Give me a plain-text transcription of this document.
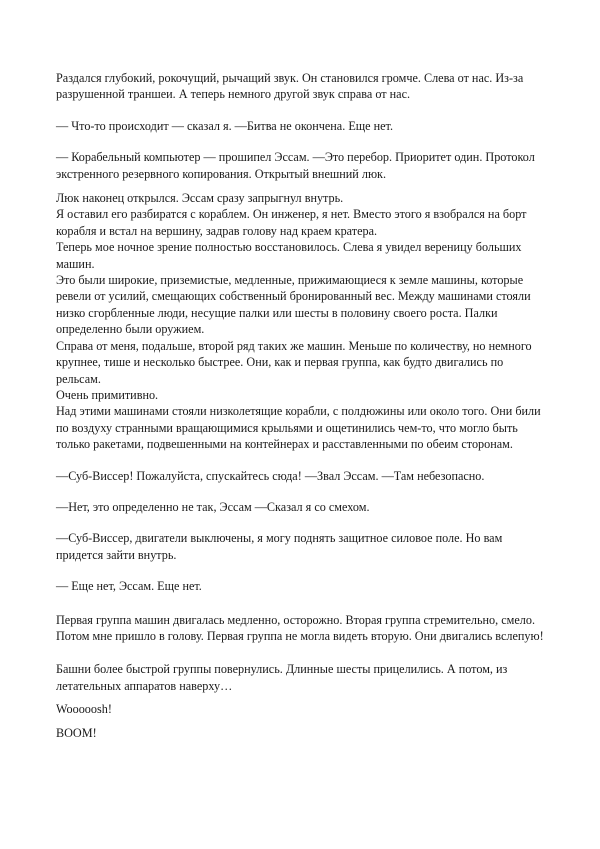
Раздался глубокий, рокочущий, рычащий звук. Он становился громче. Слева от нас. Из-за разрушенной траншеи. А теперь немного другой звук справа от нас.

— Что-то происходит — сказал я. —Битва не окончена. Еще нет.

— Корабельный компьютер — прошипел Эссам. —Это перебор. Приоритет один. Протокол экстренного резервного копирования. Открытый внешний люк.

Люк наконец открылся. Эссам сразу запрыгнул внутрь.

Я оставил его разбиратся с кораблем. Он инженер, я нет. Вместо этого я взобрался на борт корабля и встал на вершину, задрав голову над краем кратера.

Теперь мое ночное зрение полностью восстановилось. Слева я увидел вереницу больших машин.

Это были широкие, приземистые, медленные, прижимающиеся к земле машины, которые ревели от усилий, смещающих собственный бронированный вес. Между машинами стояли низко сгорбленные люди, несущие палки или шесты в половину своего роста. Палки определенно были оружием.

Справа от меня, подальше, второй ряд таких же машин. Меньше по количеству, но немного крупнее, тише и несколько быстрее. Они, как и первая группа, как будто двигались по рельсам.

Очень примитивно.

Над этими машинами стояли низколетящие корабли, с полдюжины или около того. Они били по воздуху странными вращающимися крыльями и ощетинились чем-то, что могло быть только ракетами, подвешенными на контейнерах и расставленными по обеим сторонам.

—Суб-Виссер! Пожалуйста, спускайтесь сюда! —Звал Эссам. —Там небезопасно.

—Нет, это определенно не так, Эссам —Сказал я со смехом.

—Суб-Виссер, двигатели выключены, я могу поднять защитное силовое поле. Но вам придется зайти внутрь.

— Еще нет, Эссам. Еще нет.

Первая группа машин двигалась медленно, осторожно. Вторая группа стремительно, смело. Потом мне пришло в голову. Первая группа не могла видеть вторую. Они двигались вслепую!

Башни более быстрой группы повернулись. Длинные шесты прицелились. А потом, из летательных аппаратов наверху…

Wooooosh!

BOOM!
